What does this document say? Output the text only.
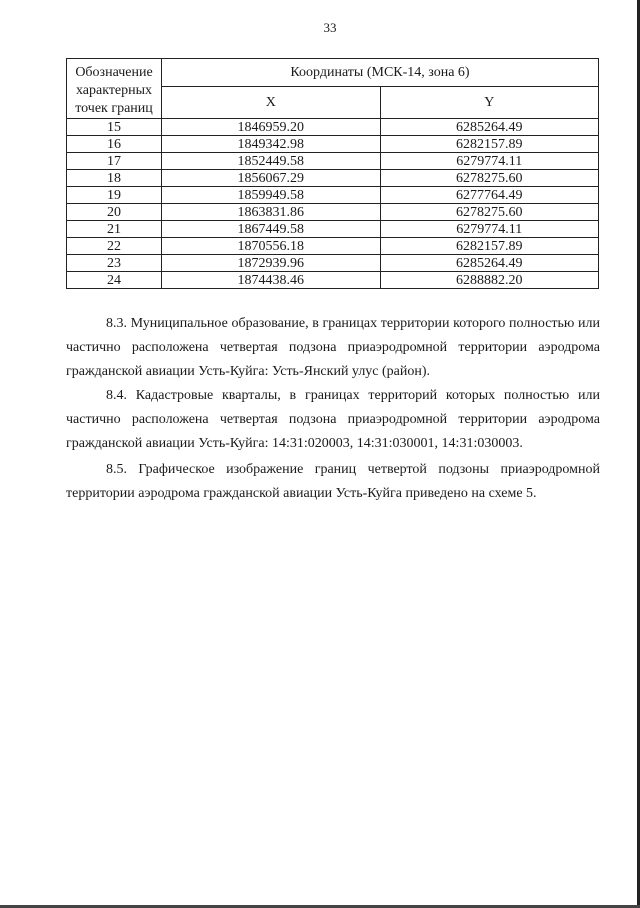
33
Обозначение
характерных
точек границ	Координаты (МСК-14, зона 6)	
	X	Y
15	1846959.20	6285264.49
16	1849342.98	6282157.89
17	1852449.58	6279774.11
18	1856067.29	6278275.60
19	1859949.58	6277764.49
20	1863831.86	6278275.60
21	1867449.58	6279774.11
22	1870556.18	6282157.89
23	1872939.96	6285264.49
24	1874438.46	6288882.20

8.3. Муниципальное образование, в границах территории которого полностью или частично расположена четвертая подзона приаэродромной территории аэродрома гражданской авиации Усть-Куйга: Усть-Янский улус (район).

8.4. Кадастровые кварталы, в границах территорий которых полностью или частично расположена четвертая подзона приаэродромной территории аэродрома гражданской авиации Усть-Куйга: 14:31:020003, 14:31:030001, 14:31:030003.

8.5. Графическое изображение границ четвертой подзоны приаэродромной территории аэродрома гражданской авиации Усть-Куйга приведено на схеме 5.
